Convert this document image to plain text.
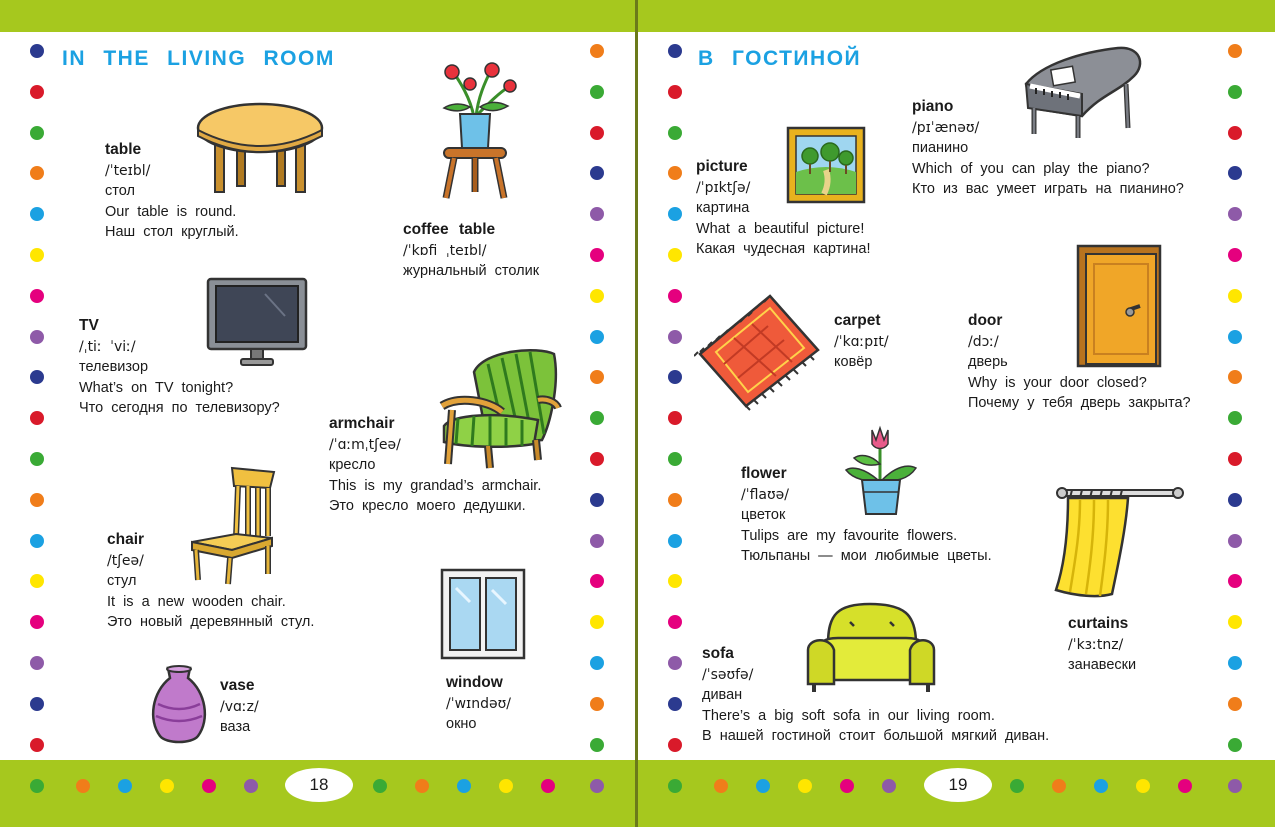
18	19
IN THE LIVING ROOM	В ГОСТИНОЙ
table
/ˈteɪbl/
стол
Our table is round.
Наш стол круглый.	coffee table
/ˈkɒfi ˌteɪbl/
журнальный столик
TV
/ˌtiː ˈviː/
телевизор
What’s on TV tonight?
Что сегодня по телевизору?
armchair
/ˈɑːmˌtʃeə/
кресло
This is my grandad’s armchair.
Это кресло моего дедушки.
chair
/tʃeə/
стул
It is a new wooden chair.
Это новый деревянный стул.
vase
/vɑːz/
ваза
window
/ˈwɪndəʊ/
окно
piano
/pɪˈænəʊ/
пианино
Which of you can play the piano?
Кто из вас умеет играть на пианино?
picture
/ˈpɪktʃə/
картина
What a beautiful picture!
Какая чудесная картина!
carpet
/ˈkɑːpɪt/
ковёр
door
/dɔː/
дверь
Why is your door closed?
Почему у тебя дверь закрыта?
flower
/ˈflaʊə/
цветок
Tulips are my favourite flowers.
Тюльпаны — мои любимые цветы.
curtains
/ˈkɜːtnz/
занавески
sofa
/ˈsəʊfə/
диван
There’s a big soft sofa in our living room.
В нашей гостиной стоит большой мягкий диван.
